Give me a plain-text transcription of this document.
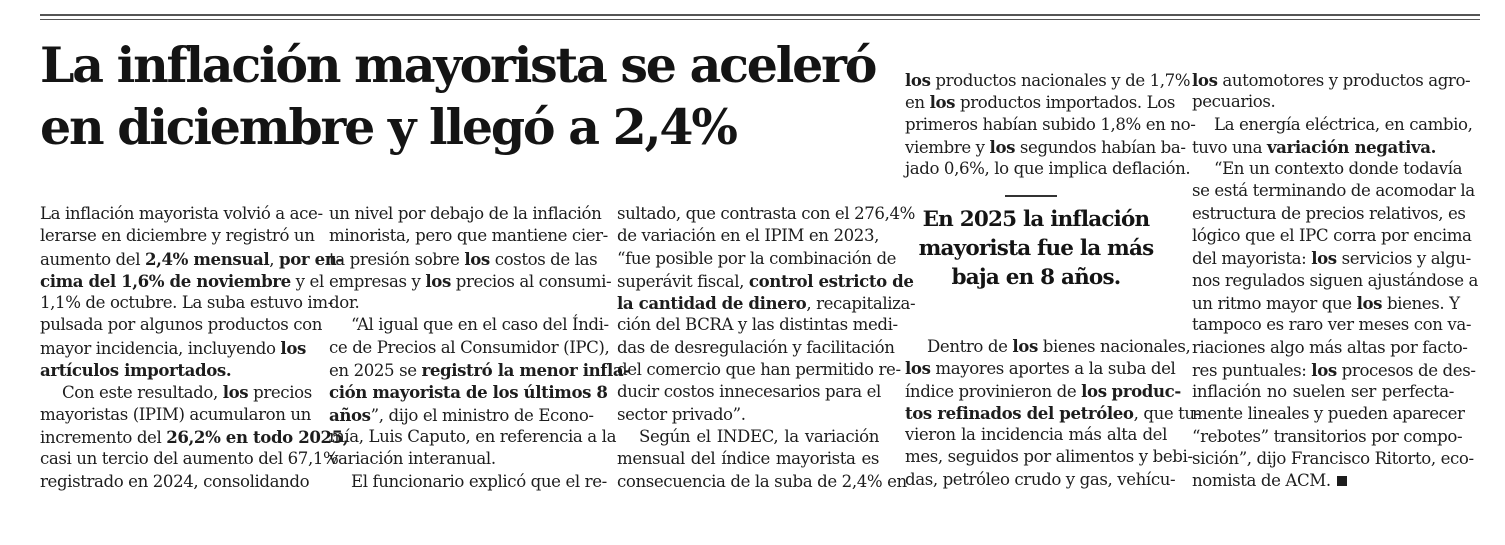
La inflación mayorista se aceleró
en diciembre y llegó a 2,4%
La inflación mayorista volvió a ace-
lerarse en diciembre y registró un
aumento del 2,4% mensual, por en-
cima del 1,6% de noviembre y el
1,1% de octubre. La suba estuvo im-
pulsada por algunos productos con
mayor incidencia, incluyendo los
artículos importados.
Con este resultado, los precios
mayoristas (IPIM) acumularon un
incremento del 26,2% en todo 2025,
casi un tercio del aumento del 67,1%
registrado en 2024, consolidando
un nivel por debajo de la inflación
minorista, pero que mantiene cier-
ta presión sobre los costos de las
empresas y los precios al consumi-
dor.
“Al igual que en el caso del Índi-
ce de Precios al Consumidor (IPC),
en 2025 se registró la menor infla-
ción mayorista de los últimos 8
años”, dijo el ministro de Econo-
mía, Luis Caputo, en referencia a la
variación interanual.
El funcionario explicó que el re-
sultado, que contrasta con el 276,4%
de variación en el IPIM en 2023,
“fue posible por la combinación de
superávit fiscal, control estricto de
la cantidad de dinero, recapitaliza-
ción del BCRA y las distintas medi-
das de desregulación y facilitación
del comercio que han permitido re-
ducir costos innecesarios para el
sector privado”.
Según el INDEC, la variación
mensual del índice mayorista es
consecuencia de la suba de 2,4% en
los productos nacionales y de 1,7%
en los productos importados. Los
primeros habían subido 1,8% en no-
viembre y los segundos habían ba-
jado 0,6%, lo que implica deflación.

En 2025 la inflación
mayorista fue la más
baja en 8 años.

Dentro de los bienes nacionales,
los mayores aportes a la suba del
índice provinieron de los produc-
tos refinados del petróleo, que tu-
vieron la incidencia más alta del
mes, seguidos por alimentos y bebi-
das, petróleo crudo y gas, vehícu-
los automotores y productos agro-
pecuarios.
La energía eléctrica, en cambio,
tuvo una variación negativa.
“En un contexto donde todavía
se está terminando de acomodar la
estructura de precios relativos, es
lógico que el IPC corra por encima
del mayorista: los servicios y algu-
nos regulados siguen ajustándose a
un ritmo mayor que los bienes. Y
tampoco es raro ver meses con va-
riaciones algo más altas por facto-
res puntuales: los procesos de des-
inflación no suelen ser perfecta-
mente lineales y pueden aparecer
“rebotes” transitorios por compo-
sición”, dijo Francisco Ritorto, eco-
nomista de ACM.
